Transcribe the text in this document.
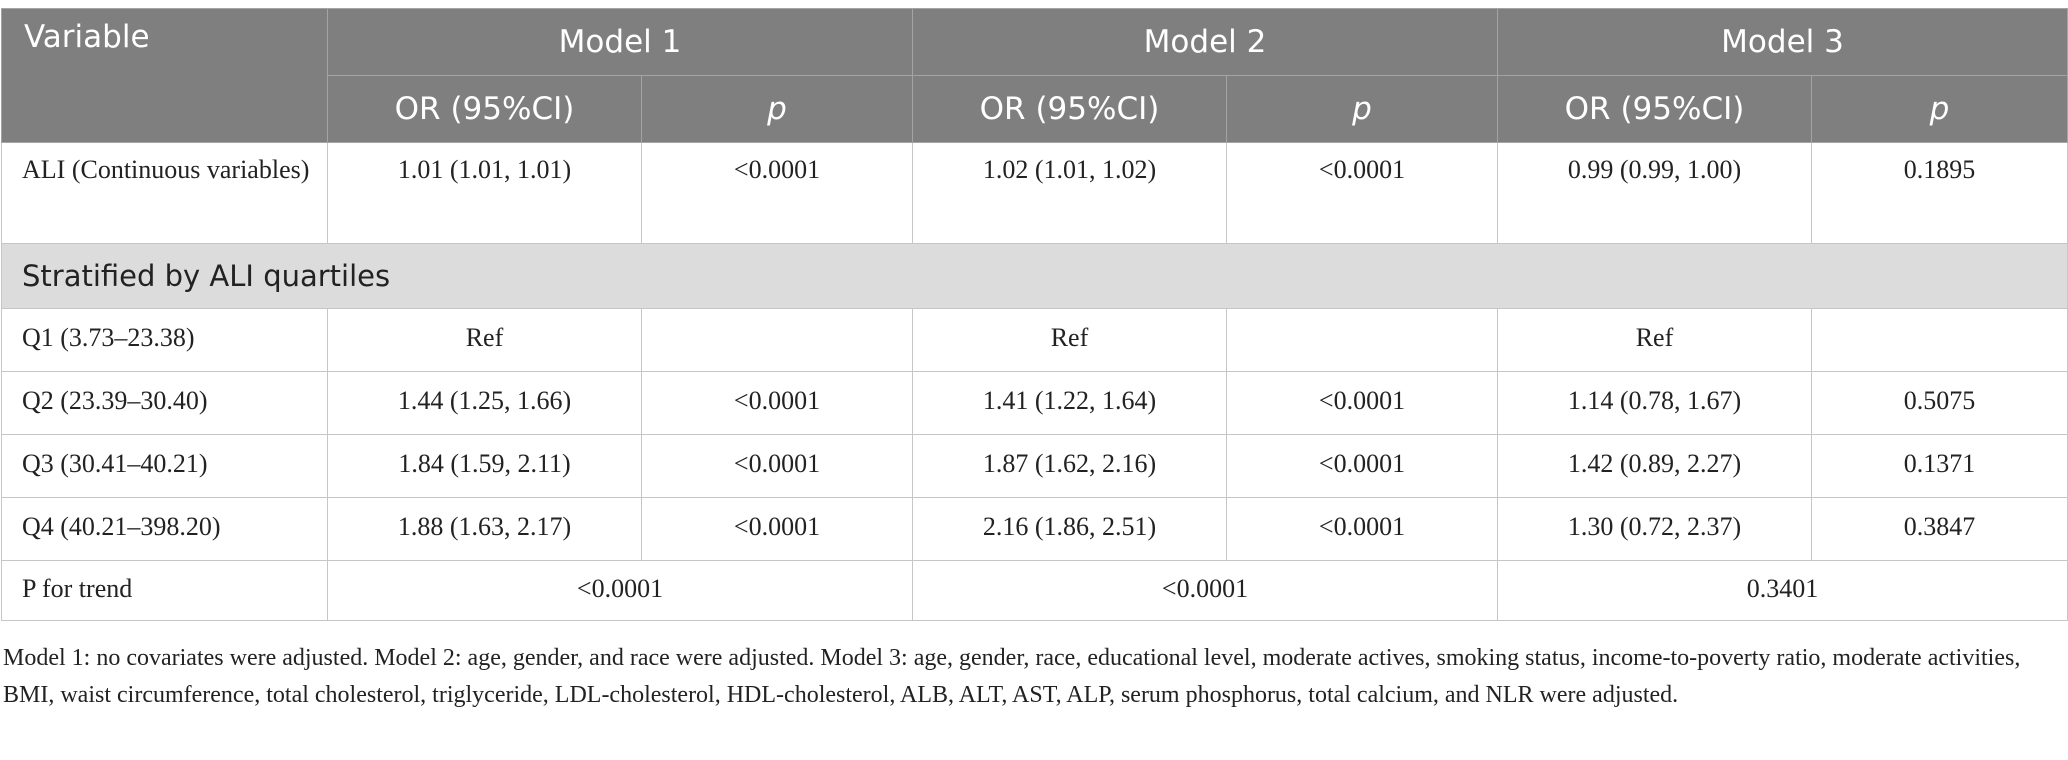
Variable	Model 1		Model 2		Model 3	
	OR (95%CI)	p	OR (95%CI)	p	OR (95%CI)	p
ALI (Continuous variables)	1.01 (1.01, 1.01)	<0.0001	1.02 (1.01, 1.02)	<0.0001	0.99 (0.99, 1.00)	0.1895
Stratified by ALI quartiles						
Q1 (3.73–23.38)	Ref		Ref		Ref	
Q2 (23.39–30.40)	1.44 (1.25, 1.66)	<0.0001	1.41 (1.22, 1.64)	<0.0001	1.14 (0.78, 1.67)	0.5075
Q3 (30.41–40.21)	1.84 (1.59, 2.11)	<0.0001	1.87 (1.62, 2.16)	<0.0001	1.42 (0.89, 2.27)	0.1371
Q4 (40.21–398.20)	1.88 (1.63, 2.17)	<0.0001	2.16 (1.86, 2.51)	<0.0001	1.30 (0.72, 2.37)	0.3847
P for trend	<0.0001		<0.0001		0.3401	
Model 1: no covariates were adjusted. Model 2: age, gender, and race were adjusted. Model 3: age, gender, race, educational level, moderate actives, smoking status, income-to-poverty ratio, moderate activities, BMI, waist circumference, total cholesterol, triglyceride, LDL-cholesterol, HDL-cholesterol, ALB, ALT, AST, ALP, serum phosphorus, total calcium, and NLR were adjusted.
